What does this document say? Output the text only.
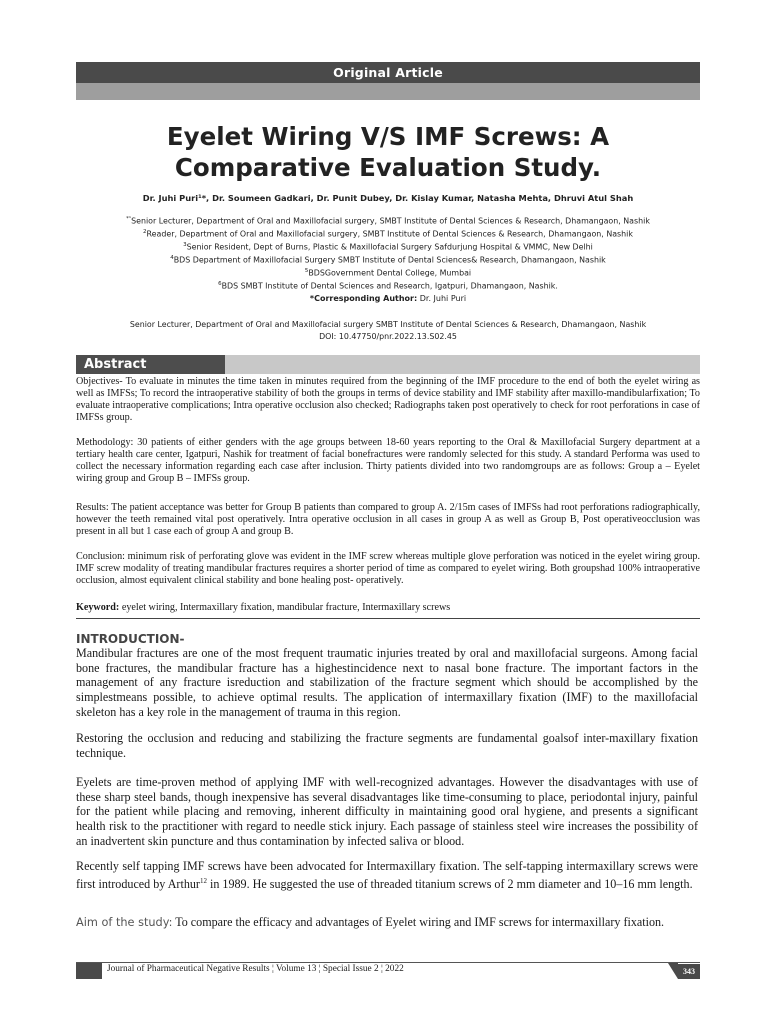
Original Article
Eyelet Wiring V/S IMF Screws: A Comparative Evaluation Study.
Dr. Juhi Puri¹*, Dr. Soumeen Gadkari, Dr. Punit Dubey, Dr. Kislay Kumar, Natasha Mehta, Dhruvi Atul Shah
$^{*^1}$Senior Lecturer, Department of Oral and Maxillofacial surgery, SMBT Institute of Dental Sciences & Research, Dhamangaon, Nashik
$^2$Reader, Department of Oral and Maxillofacial surgery, SMBT Institute of Dental Sciences & Research, Dhamangaon, Nashik
$^3$Senior Resident, Dept of Burns, Plastic & Maxillofacial Surgery Safdurjung Hospital & VMMC, New Delhi
$^4$BDS Department of Maxillofacial Surgery SMBT Institute of Dental Sciences& Research, Dhamangaon, Nashik
$^5$BDSGovernment Dental College, Mumbai
$^6$BDS SMBT Institute of Dental Sciences and Research, Igatpuri, Dhamangaon, Nashik.
*Corresponding Author: Dr. Juhi Puri
Senior Lecturer, Department of Oral and Maxillofacial surgery SMBT Institute of Dental Sciences & Research, Dhamangaon, Nashik
DOI: 10.47750/pnr.2022.13.S02.45
Abstract

Objectives- To evaluate in minutes the time taken in minutes required from the beginning of the IMF procedure to the end of both the eyelet wiring as well as IMFSs; To record the intraoperative stability of both the groups in terms of device stability and IMF stability after maxillo-mandibularfixation; To evaluate intraoperative complications; Intra operative occlusion also checked; Radiographs taken post operatively to check for root perforations in case of IMFSs group.

Methodology: 30 patients of either genders with the age groups between 18-60 years reporting to the Oral & Maxillofacial Surgery department at a tertiary health care center, Igatpuri, Nashik for treatment of facial bonefractures were randomly selected for this study. A standard Performa was used to collect the necessary information regarding each case after inclusion. Thirty patients divided into two randomgroups are as follows: Group a – Eyelet wiring group and Group B – IMFSs group.

Results: The patient acceptance was better for Group B patients than compared to group A. 2/15m cases of IMFSs had root perforations radiographically, however the teeth remained vital post operatively. Intra operative occlusion in all cases in group A as well as Group B, Post operativeocclusion was present in all but 1 case each of group A and group B.

Conclusion: minimum risk of perforating glove was evident in the IMF screw whereas multiple glove perforation was noticed in the eyelet wiring group. IMF screw modality of treating mandibular fractures requires a shorter period of time as compared to eyelet wiring. Both groupshad 100% intraoperative occlusion, almost equivalent clinical stability and bone healing post- operatively.

Keyword: eyelet wiring, Intermaxillary fixation, mandibular fracture, Intermaxillary screws
INTRODUCTION-

Mandibular fractures are one of the most frequent traumatic injuries treated by oral and maxillofacial surgeons. Among facial bone fractures, the mandibular fracture has a highestincidence next to nasal bone fracture. The important factors in the management of any fracture isreduction and stabilization of the fracture segment which should be accomplished by the simplestmeans possible, to achieve optimal results. The application of intermaxillary fixation (IMF) to the maxillofacial skeleton has a key role in the management of trauma in this region.

Restoring the occlusion and reducing and stabilizing the fracture segments are fundamental goalsof inter-maxillary fixation technique.

Eyelets are time-proven method of applying IMF with well-recognized advantages. However the disadvantages with use of these sharp steel bands, though inexpensive has several disadvantages like time-consuming to place, periodontal injury, painful for the patient while placing and removing, inherent difficulty in maintaining good oral hygiene, and presents a significant health risk to the practitioner with regard to needle stick injury. Each passage of stainless steel wire increases the possibility of an inadvertent skin puncture and thus contamination by infected saliva or blood.

Recently self tapping IMF screws have been advocated for Intermaxillary fixation. The self-tapping intermaxillary screws were first introduced by Arthur$^{12}$ in 1989. He suggested the use of threaded titanium screws of 2 mm diameter and 10–16 mm length.

Aim of the study: To compare the efficacy and advantages of Eyelet wiring and IMF screws for intermaxillary fixation.

Journal of Pharmaceutical Negative Results ¦ Volume 13 ¦ Special Issue 2 ¦ 2022	343
